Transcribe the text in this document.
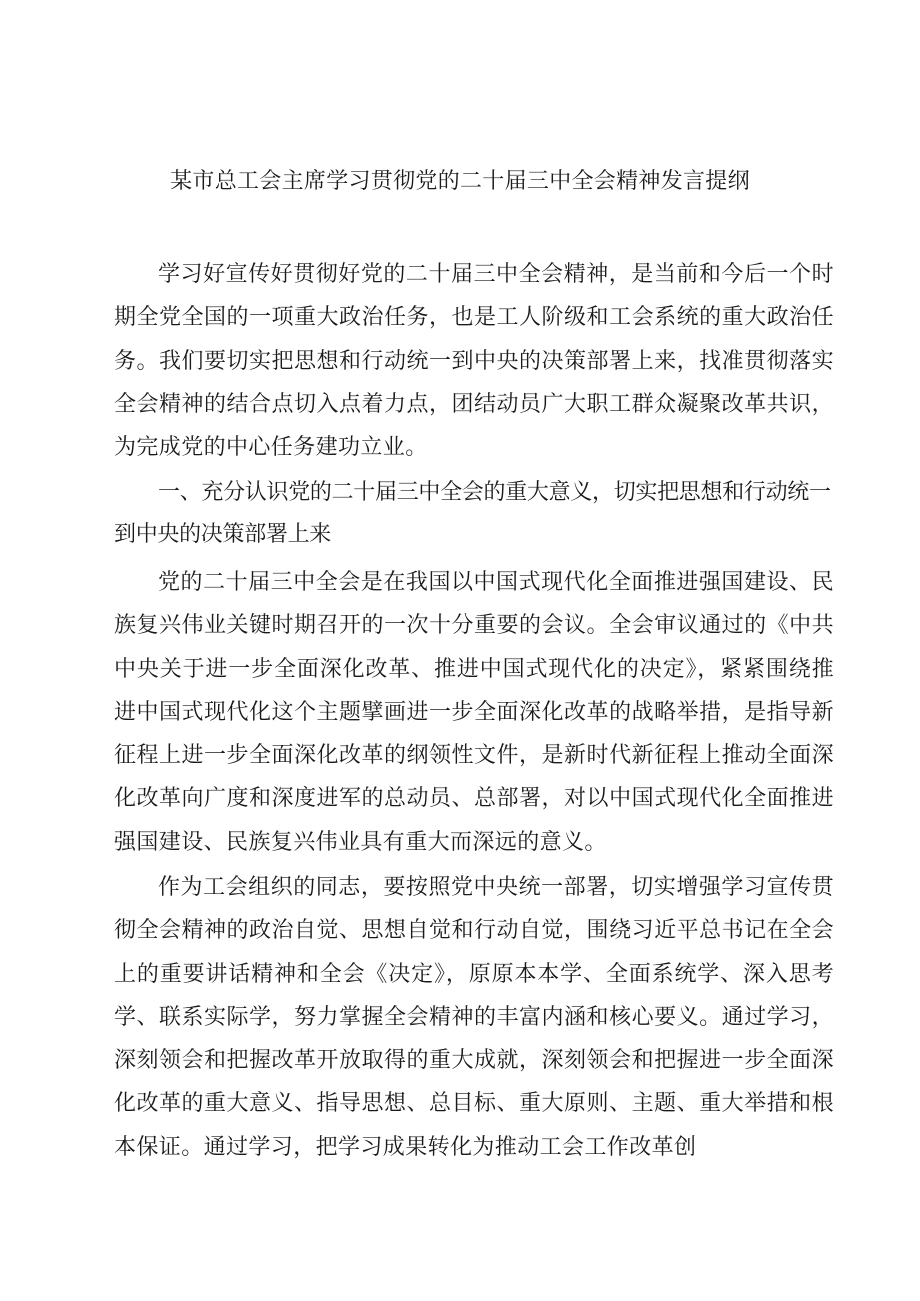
某市总工会主席学习贯彻党的二十届三中全会精神发言提纲

学习好宣传好贯彻好党的二十届三中全会精神，是当前和今后一个时期全党全国的一项重大政治任务，也是工人阶级和工会系统的重大政治任务。我们要切实把思想和行动统一到中央的决策部署上来，找准贯彻落实全会精神的结合点切入点着力点，团结动员广大职工群众凝聚改革共识，为完成党的中心任务建功立业。

一、充分认识党的二十届三中全会的重大意义，切实把思想和行动统一到中央的决策部署上来

党的二十届三中全会是在我国以中国式现代化全面推进强国建设、民族复兴伟业关键时期召开的一次十分重要的会议。全会审议通过的《中共中央关于进一步全面深化改革、推进中国式现代化的决定》，紧紧围绕推进中国式现代化这个主题擘画进一步全面深化改革的战略举措，是指导新征程上进一步全面深化改革的纲领性文件，是新时代新征程上推动全面深化改革向广度和深度进军的总动员、总部署，对以中国式现代化全面推进强国建设、民族复兴伟业具有重大而深远的意义。

作为工会组织的同志，要按照党中央统一部署，切实增强学习宣传贯彻全会精神的政治自觉、思想自觉和行动自觉，围绕习近平总书记在全会上的重要讲话精神和全会《决定》，原原本本学、全面系统学、深入思考学、联系实际学，努力掌握全会精神的丰富内涵和核心要义。通过学习，深刻领会和把握改革开放取得的重大成就，深刻领会和把握进一步全面深化改革的重大意义、指导思想、总目标、重大原则、主题、重大举措和根本保证。通过学习，把学习成果转化为推动工会工作改革创
